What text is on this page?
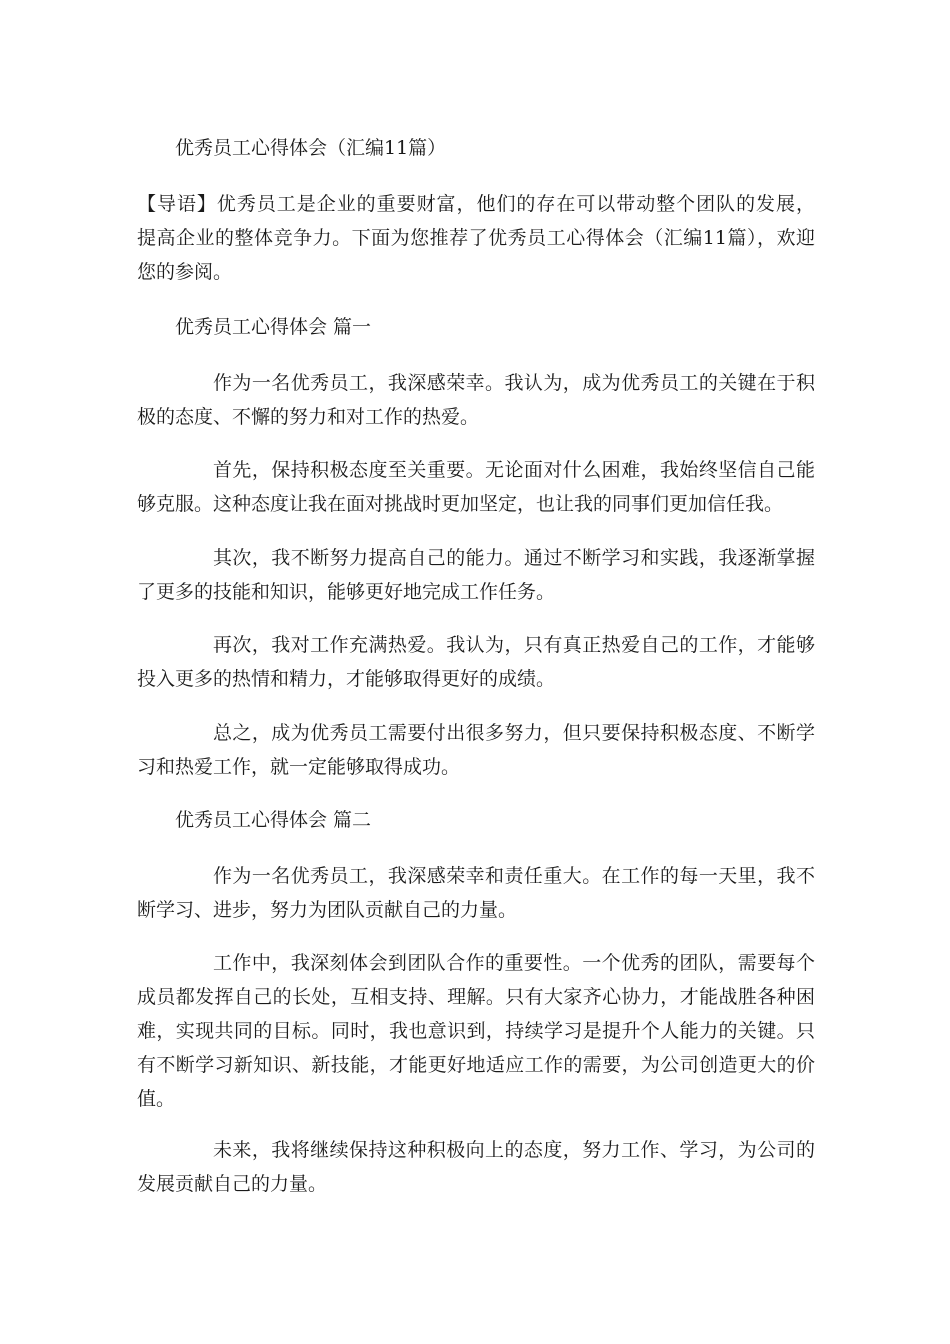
优秀员工心得体会（汇编11篇）

【导语】优秀员工是企业的重要财富，他们的存在可以带动整个团队的发展，

提高企业的整体竞争力。下面为您推荐了优秀员工心得体会（汇编11篇），欢迎

您的参阅。

优秀员工心得体会 篇一

作为一名优秀员工，我深感荣幸。我认为，成为优秀员工的关键在于积

极的态度、不懈的努力和对工作的热爱。

首先，保持积极态度至关重要。无论面对什么困难，我始终坚信自己能

够克服。这种态度让我在面对挑战时更加坚定，也让我的同事们更加信任我。

其次，我不断努力提高自己的能力。通过不断学习和实践，我逐渐掌握

了更多的技能和知识，能够更好地完成工作任务。

再次，我对工作充满热爱。我认为，只有真正热爱自己的工作，才能够

投入更多的热情和精力，才能够取得更好的成绩。

总之，成为优秀员工需要付出很多努力，但只要保持积极态度、不断学

习和热爱工作，就一定能够取得成功。

优秀员工心得体会 篇二

作为一名优秀员工，我深感荣幸和责任重大。在工作的每一天里，我不

断学习、进步，努力为团队贡献自己的力量。

工作中，我深刻体会到团队合作的重要性。一个优秀的团队，需要每个

成员都发挥自己的长处，互相支持、理解。只有大家齐心协力，才能战胜各种困

难，实现共同的目标。同时，我也意识到，持续学习是提升个人能力的关键。只

有不断学习新知识、新技能，才能更好地适应工作的需要，为公司创造更大的价

值。

未来，我将继续保持这种积极向上的态度，努力工作、学习，为公司的

发展贡献自己的力量。
